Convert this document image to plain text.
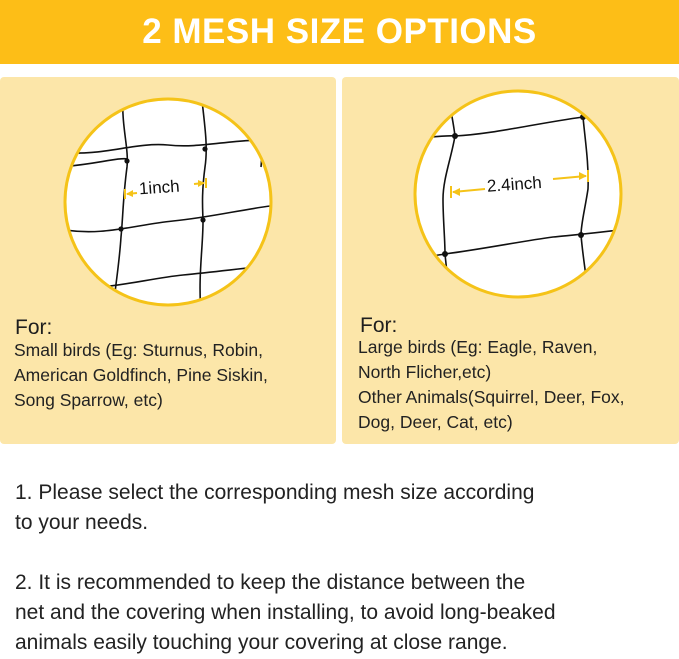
2 MESH SIZE OPTIONS
1inch	2.4inch
For:
Small birds (Eg: Sturnus, Robin,
American Goldfinch, Pine Siskin,
Song Sparrow, etc)
For:
Large birds (Eg: Eagle, Raven,
North Flicher,etc)
Other Animals(Squirrel, Deer, Fox,
Dog, Deer, Cat, etc)
1. Please select the corresponding mesh size according
to your needs.
2. It is recommended to keep the distance between the
net and the covering when installing, to avoid long-beaked
animals easily touching your covering at close range.
